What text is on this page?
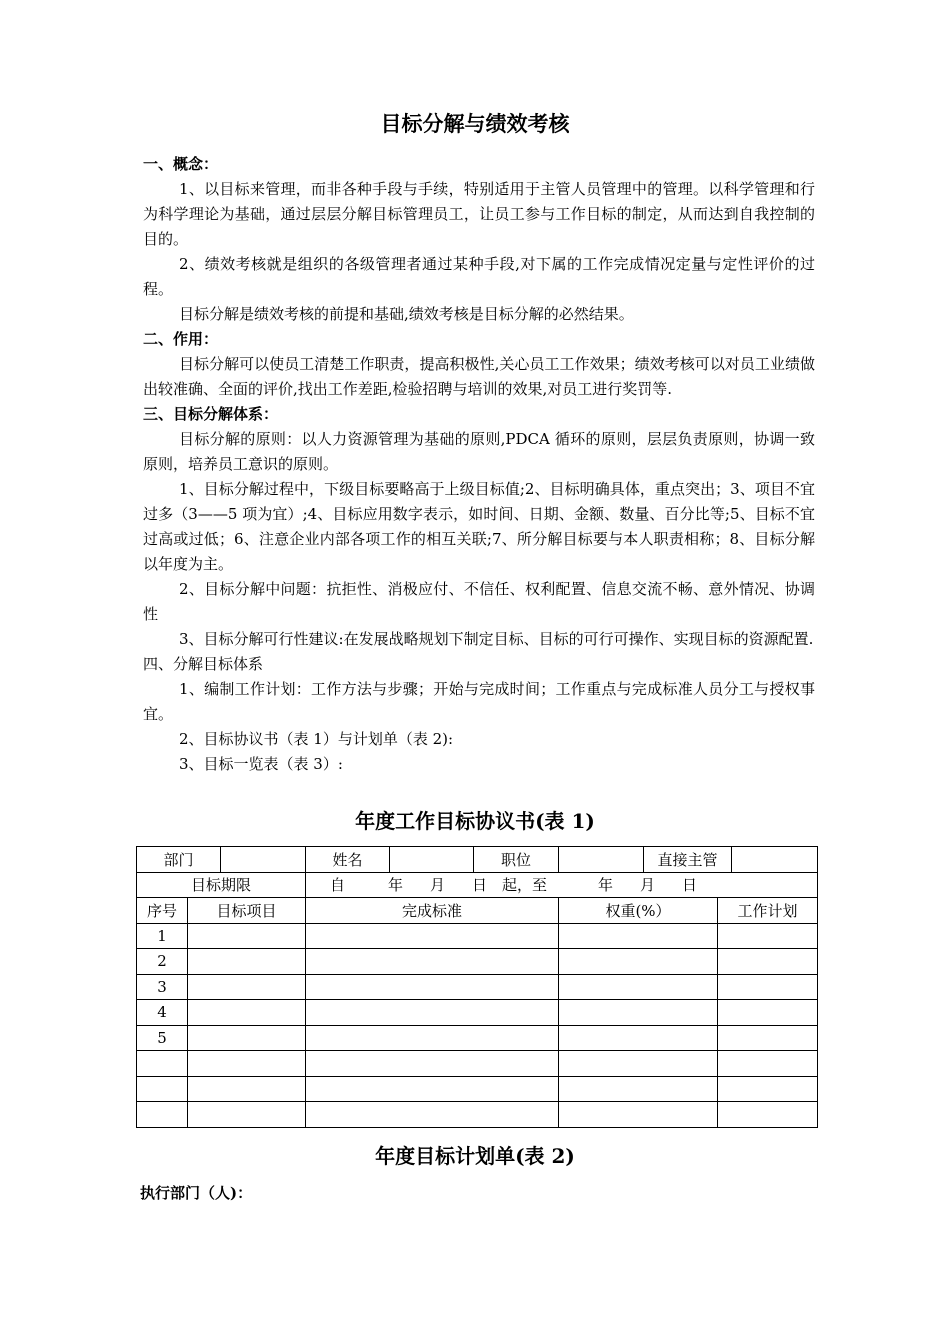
目标分解与绩效考核

一、概念：

1、以目标来管理，而非各种手段与手续，特别适用于主管人员管理中的管理。以科学管理和行为科学理论为基础，通过层层分解目标管理员工，让员工参与工作目标的制定，从而达到自我控制的目的。

2、绩效考核就是组织的各级管理者通过某种手段,对下属的工作完成情况定量与定性评价的过程。

目标分解是绩效考核的前提和基础,绩效考核是目标分解的必然结果。

二、作用：

目标分解可以使员工清楚工作职责，提高积极性,关心员工工作效果；绩效考核可以对员工业绩做出较准确、全面的评价,找出工作差距,检验招聘与培训的效果,对员工进行奖罚等.

三、目标分解体系：

目标分解的原则：以人力资源管理为基础的原则,PDCA 循环的原则，层层负责原则，协调一致原则，培养员工意识的原则。

1、目标分解过程中，下级目标要略高于上级目标值;2、目标明确具体，重点突出；3、项目不宜过多（3——5 项为宜）;4、目标应用数字表示，如时间、日期、金额、数量、百分比等;5、目标不宜过高或过低；6、注意企业内部各项工作的相互关联;7、所分解目标要与本人职责相称；8、目标分解以年度为主。

2、目标分解中问题：抗拒性、消极应付、不信任、权利配置、信息交流不畅、意外情况、协调性

3、目标分解可行性建议:在发展战略规划下制定目标、目标的可行可操作、实现目标的资源配置.

四、分解目标体系

1、编制工作计划：工作方法与步骤；开始与完成时间；工作重点与完成标准人员分工与授权事宜。

2、目标协议书（表 1）与计划单（表 2):

3、目标一览表（表 3）:

年度工作目标协议书(表 1)
部门			姓名		职位		直接主管		
目标期限			自 年 月 日 起，至 年 月 日						
序号	目标项目		完成标准			权重(%）		工作计划	
1									
2									
3									
4									
5									

年度目标计划单(表 2)
执行部门（人)：
